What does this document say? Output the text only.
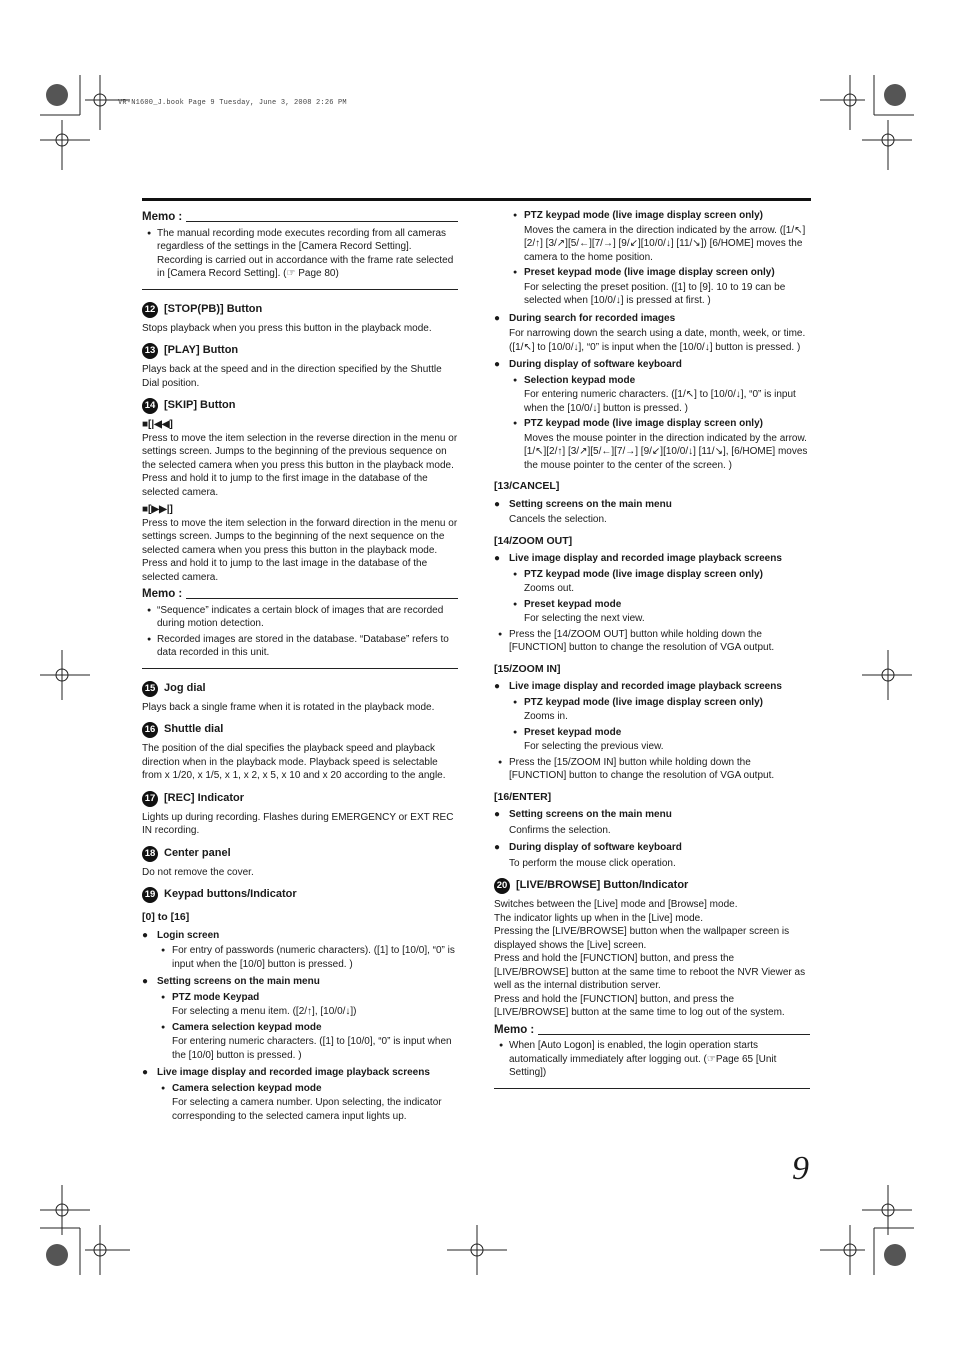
VR-N1600_J.book Page 9 Tuesday, June 3, 2008 2:26 PM
Memo :
● The manual recording mode executes recording from all cameras regardless of the settings in the [Camera Record Setting]. Recording is carried out in accordance with the frame rate selected in [Camera Record Setting]. (☞ Page 80)
12 [STOP(PB)] Button
Stops playback when you press this button in the playback mode.
13 [PLAY] Button
Plays back at the speed and in the direction specified by the Shuttle Dial position.
14 [SKIP] Button
■ [|◀◀]
Press to move the item selection in the reverse direction in the menu or settings screen. Jumps to the beginning of the previous sequence on the selected camera when you press this button in the playback mode. Press and hold it to jump to the first image in the database of the selected camera.
■ [▶▶|]
Press to move the item selection in the forward direction in the menu or settings screen. Jumps to the beginning of the next sequence on the selected camera when you press this button in the playback mode. Press and hold it to jump to the last image in the database of the selected camera.
Memo :
● “Sequence” indicates a certain block of images that are recorded during motion detection.
● Recorded images are stored in the database. “Database” refers to data recorded in this unit.
15 Jog dial
Plays back a single frame when it is rotated in the playback mode.
16 Shuttle dial
The position of the dial specifies the playback speed and playback direction when in the playback mode. Playback speed is selectable from x 1/20, x 1/5, x 1, x 2, x 5, x 10 and x 20 according to the angle.
17 [REC] Indicator
Lights up during recording. Flashes during EMERGENCY or EXT REC IN recording.
18 Center panel
Do not remove the cover.
19 Keypad buttons/Indicator
[0] to [16]
● Login screen
● For entry of passwords (numeric characters). ([1] to [10/0], “0” is input when the [10/0] button is pressed. )
● Setting screens on the main menu
● PTZ mode Keypad
For selecting a menu item. ([2/↑], [10/0/↓])
● Camera selection keypad mode
For entering numeric characters. ([1] to [10/0], “0” is input when the [10/0] button is pressed. )
● Live image display and recorded image playback screens
● Camera selection keypad mode
For selecting a camera number. Upon selecting, the indicator corresponding to the selected camera input lights up.
● PTZ keypad mode (live image display screen only)
Moves the camera in the direction indicated by the arrow. ([1/↖][2/↑] [3/↗][5/←][7/→] [9/↙][10/0/↓] [11/↘]) [6/HOME] moves the camera to the home position.
● Preset keypad mode (live image display screen only)
For selecting the preset position. ([1] to [9]. 10 to 19 can be selected when [10/0/↓] is pressed at first. )
● During search for recorded images
For narrowing down the search using a date, month, week, or time. ([1/↖] to [10/0/↓], “0” is input when the [10/0/↓] button is pressed. )
● During display of software keyboard
● Selection keypad mode
For entering numeric characters. ([1/↖] to [10/0/↓], “0” is input when the [10/0/↓] button is pressed. )
● PTZ keypad mode (live image display screen only)
Moves the mouse pointer in the direction indicated by the arrow. [1/↖][2/↑] [3/↗][5/←][7/→] [9/↙][10/0/↓] [11/↘], [6/HOME] moves the mouse pointer to the center of the screen. )
[13/CANCEL]
● Setting screens on the main menu
Cancels the selection.
[14/ZOOM OUT]
● Live image display and recorded image playback screens
● PTZ keypad mode (live image display screen only)
Zooms out.
● Preset keypad mode
For selecting the next view.
● Press the [14/ZOOM OUT] button while holding down the [FUNCTION] button to change the resolution of VGA output.
[15/ZOOM IN]
● Live image display and recorded image playback screens
● PTZ keypad mode (live image display screen only)
Zooms in.
● Preset keypad mode
For selecting the previous view.
● Press the [15/ZOOM IN] button while holding down the [FUNCTION] button to change the resolution of VGA output.
[16/ENTER]
● Setting screens on the main menu
Confirms the selection.
● During display of software keyboard
To perform the mouse click operation.
20 [LIVE/BROWSE] Button/Indicator
Switches between the [Live] mode and [Browse] mode.
The indicator lights up when in the [Live] mode.
Pressing the [LIVE/BROWSE] button when the wallpaper screen is displayed shows the [Live] screen.
Press and hold the [FUNCTION] button, and press the [LIVE/BROWSE] button at the same time to reboot the NVR Viewer as well as the internal distribution server.
Press and hold the [FUNCTION] button, and press the [LIVE/BROWSE] button at the same time to log out of the system.
Memo :
● When [Auto Logon] is enabled, the login operation starts automatically immediately after logging out. (☞Page 65 [Unit Setting])
9
